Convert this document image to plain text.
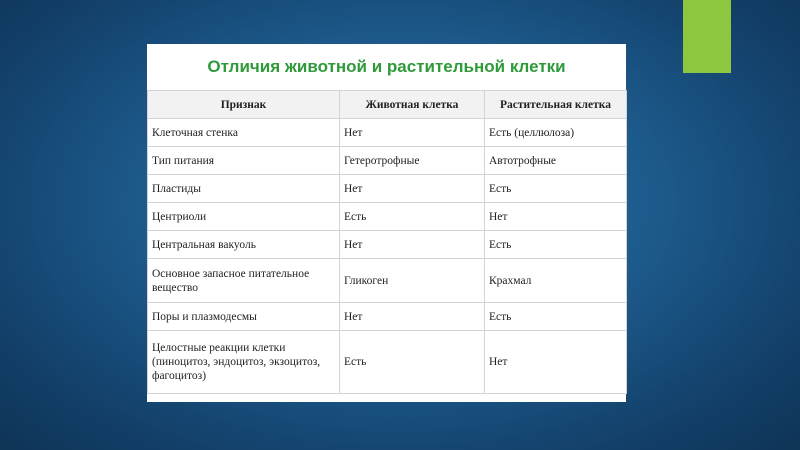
Отличия животной и растительной клетки
Признак	Животная клетка	Растительная клетка
Клеточная стенка	Нет	Есть (целлюлоза)
Тип питания	Гетеротрофные	Автотрофные
Пластиды	Нет	Есть
Центриоли	Есть	Нет
Центральная вакуоль	Нет	Есть
Основное запасное питательное вещество	Гликоген	Крахмал
Поры и плазмодесмы	Нет	Есть
Целостные реакции клетки (пиноцитоз, эндоцитоз, экзоцитоз, фагоцитоз)	Есть	Нет
